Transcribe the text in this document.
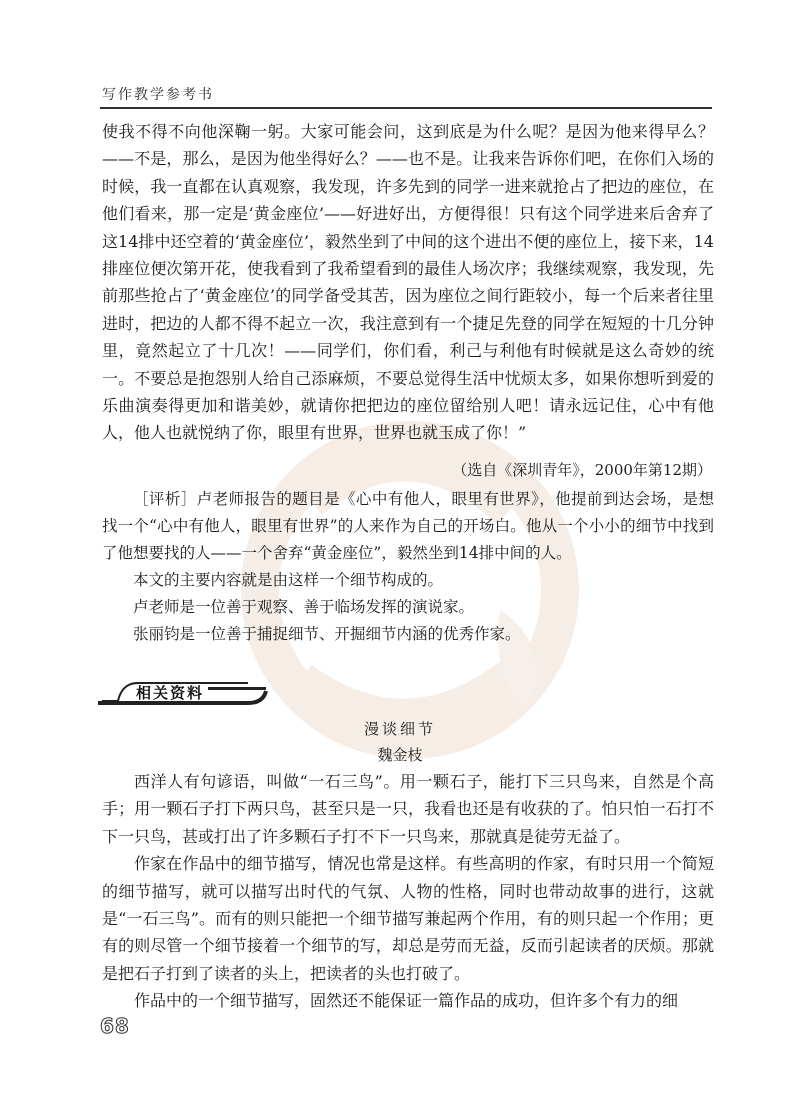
写作教学参考书

使我不得不向他深鞠一躬。大家可能会问，这到底是为什么呢？是因为他来得早么？——不是，那么，是因为他坐得好么？——也不是。让我来告诉你们吧，在你们入场的时候，我一直都在认真观察，我发现，许多先到的同学一进来就抢占了把边的座位，在他们看来，那一定是‘黄金座位’——好进好出，方便得很！只有这个同学进来后舍弃了这14排中还空着的‘黄金座位’，毅然坐到了中间的这个进出不便的座位上，接下来，14排座位便次第开花，使我看到了我希望看到的最佳人场次序；我继续观察，我发现，先前那些抢占了‘黄金座位’的同学备受其苦，因为座位之间行距较小，每一个后来者往里进时，把边的人都不得不起立一次，我注意到有一个捷足先登的同学在短短的十几分钟里，竟然起立了十几次！——同学们，你们看，利己与利他有时候就是这么奇妙的统一。不要总是抱怨别人给自己添麻烦，不要总觉得生活中忧烦太多，如果你想听到爱的乐曲演奏得更加和谐美妙，就请你把把边的座位留给别人吧！请永远记住，心中有他人，他人也就悦纳了你，眼里有世界，世界也就玉成了你！”

（选自《深圳青年》，2000年第12期）

［评析］卢老师报告的题目是《心中有他人，眼里有世界》，他提前到达会场，是想找一个“心中有他人，眼里有世界”的人来作为自己的开场白。他从一个小小的细节中找到了他想要找的人——一个舍弃“黄金座位”，毅然坐到14排中间的人。

本文的主要内容就是由这样一个细节构成的。

卢老师是一位善于观察、善于临场发挥的演说家。

张丽钧是一位善于捕捉细节、开掘细节内涵的优秀作家。

相关资料
漫谈细节
魏金枝

西洋人有句谚语，叫做“一石三鸟”。用一颗石子，能打下三只鸟来，自然是个高手；用一颗石子打下两只鸟，甚至只是一只，我看也还是有收获的了。怕只怕一石打不下一只鸟，甚或打出了许多颗石子打不下一只鸟来，那就真是徒劳无益了。

作家在作品中的细节描写，情况也常是这样。有些高明的作家，有时只用一个简短的细节描写，就可以描写出时代的气氛、人物的性格，同时也带动故事的进行，这就是“一石三鸟”。而有的则只能把一个细节描写兼起两个作用，有的则只起一个作用；更有的则尽管一个细节接着一个细节的写，却总是劳而无益，反而引起读者的厌烦。那就是把石子打到了读者的头上，把读者的头也打破了。

作品中的一个细节描写，固然还不能保证一篇作品的成功，但许多个有力的细

68
